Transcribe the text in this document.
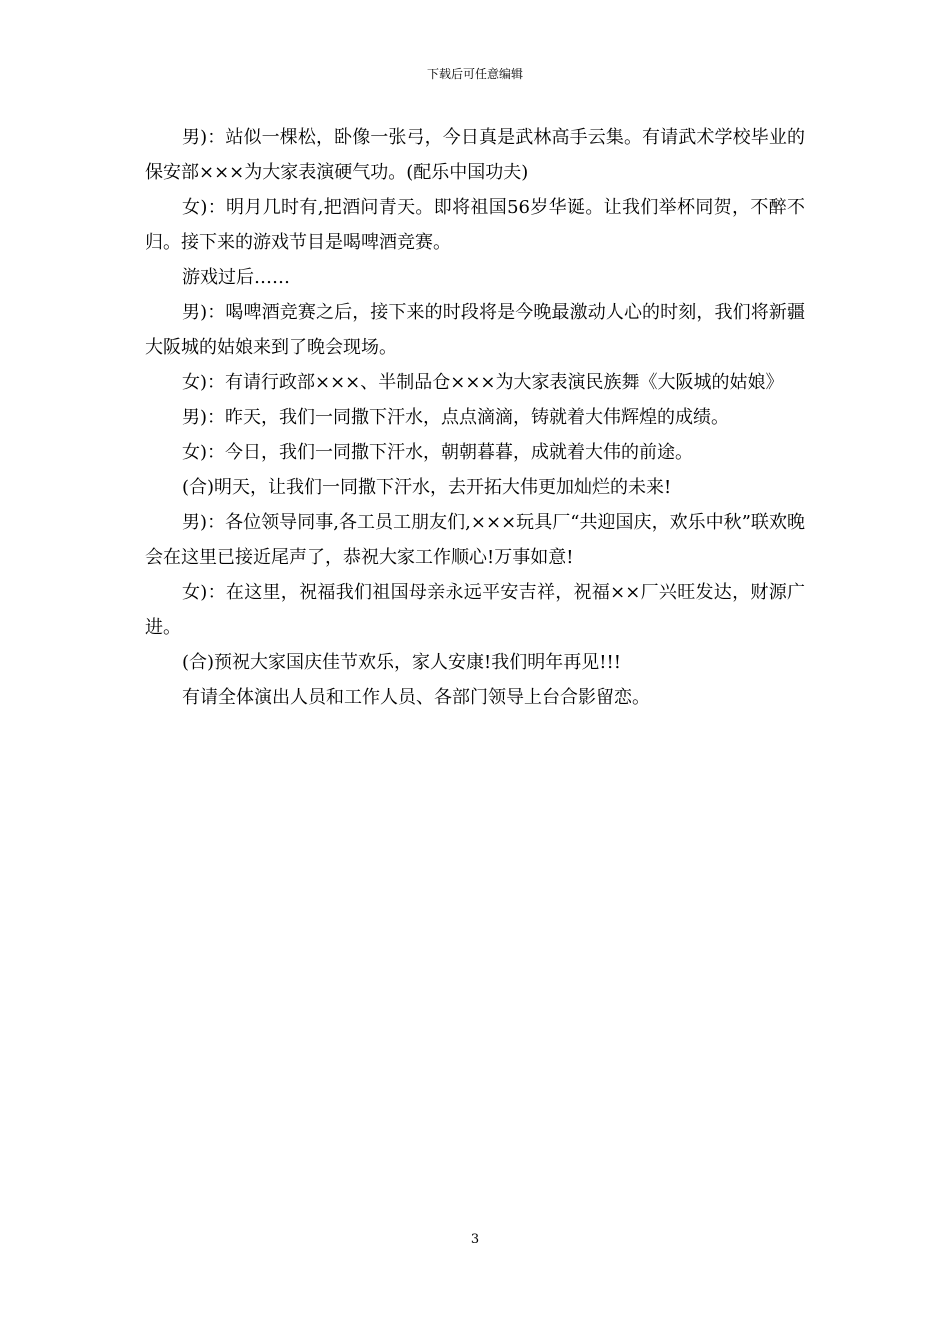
下载后可任意编辑

男)：站似一棵松，卧像一张弓，今日真是武林高手云集。有请武术学校毕业的保安部×××为大家表演硬气功。(配乐中国功夫)

女)：明月几时有,把酒问青天。即将祖国56岁华诞。让我们举杯同贺，不醉不归。接下来的游戏节目是喝啤酒竞赛。

游戏过后……

男)：喝啤酒竞赛之后，接下来的时段将是今晚最激动人心的时刻，我们将新疆大阪城的姑娘来到了晚会现场。

女)：有请行政部×××、半制品仓×××为大家表演民族舞《大阪城的姑娘》

男)：昨天，我们一同撒下汗水，点点滴滴，铸就着大伟辉煌的成绩。

女)：今日，我们一同撒下汗水，朝朝暮暮，成就着大伟的前途。

(合)明天，让我们一同撒下汗水，去开拓大伟更加灿烂的未来!

男)：各位领导同事,各工员工朋友们,×××玩具厂“共迎国庆，欢乐中秋”联欢晚会在这里已接近尾声了，恭祝大家工作顺心!万事如意!

女)：在这里，祝福我们祖国母亲永远平安吉祥，祝福××厂兴旺发达，财源广进。

(合)预祝大家国庆佳节欢乐，家人安康!我们明年再见!!!

有请全体演出人员和工作人员、各部门领导上台合影留恋。

3
